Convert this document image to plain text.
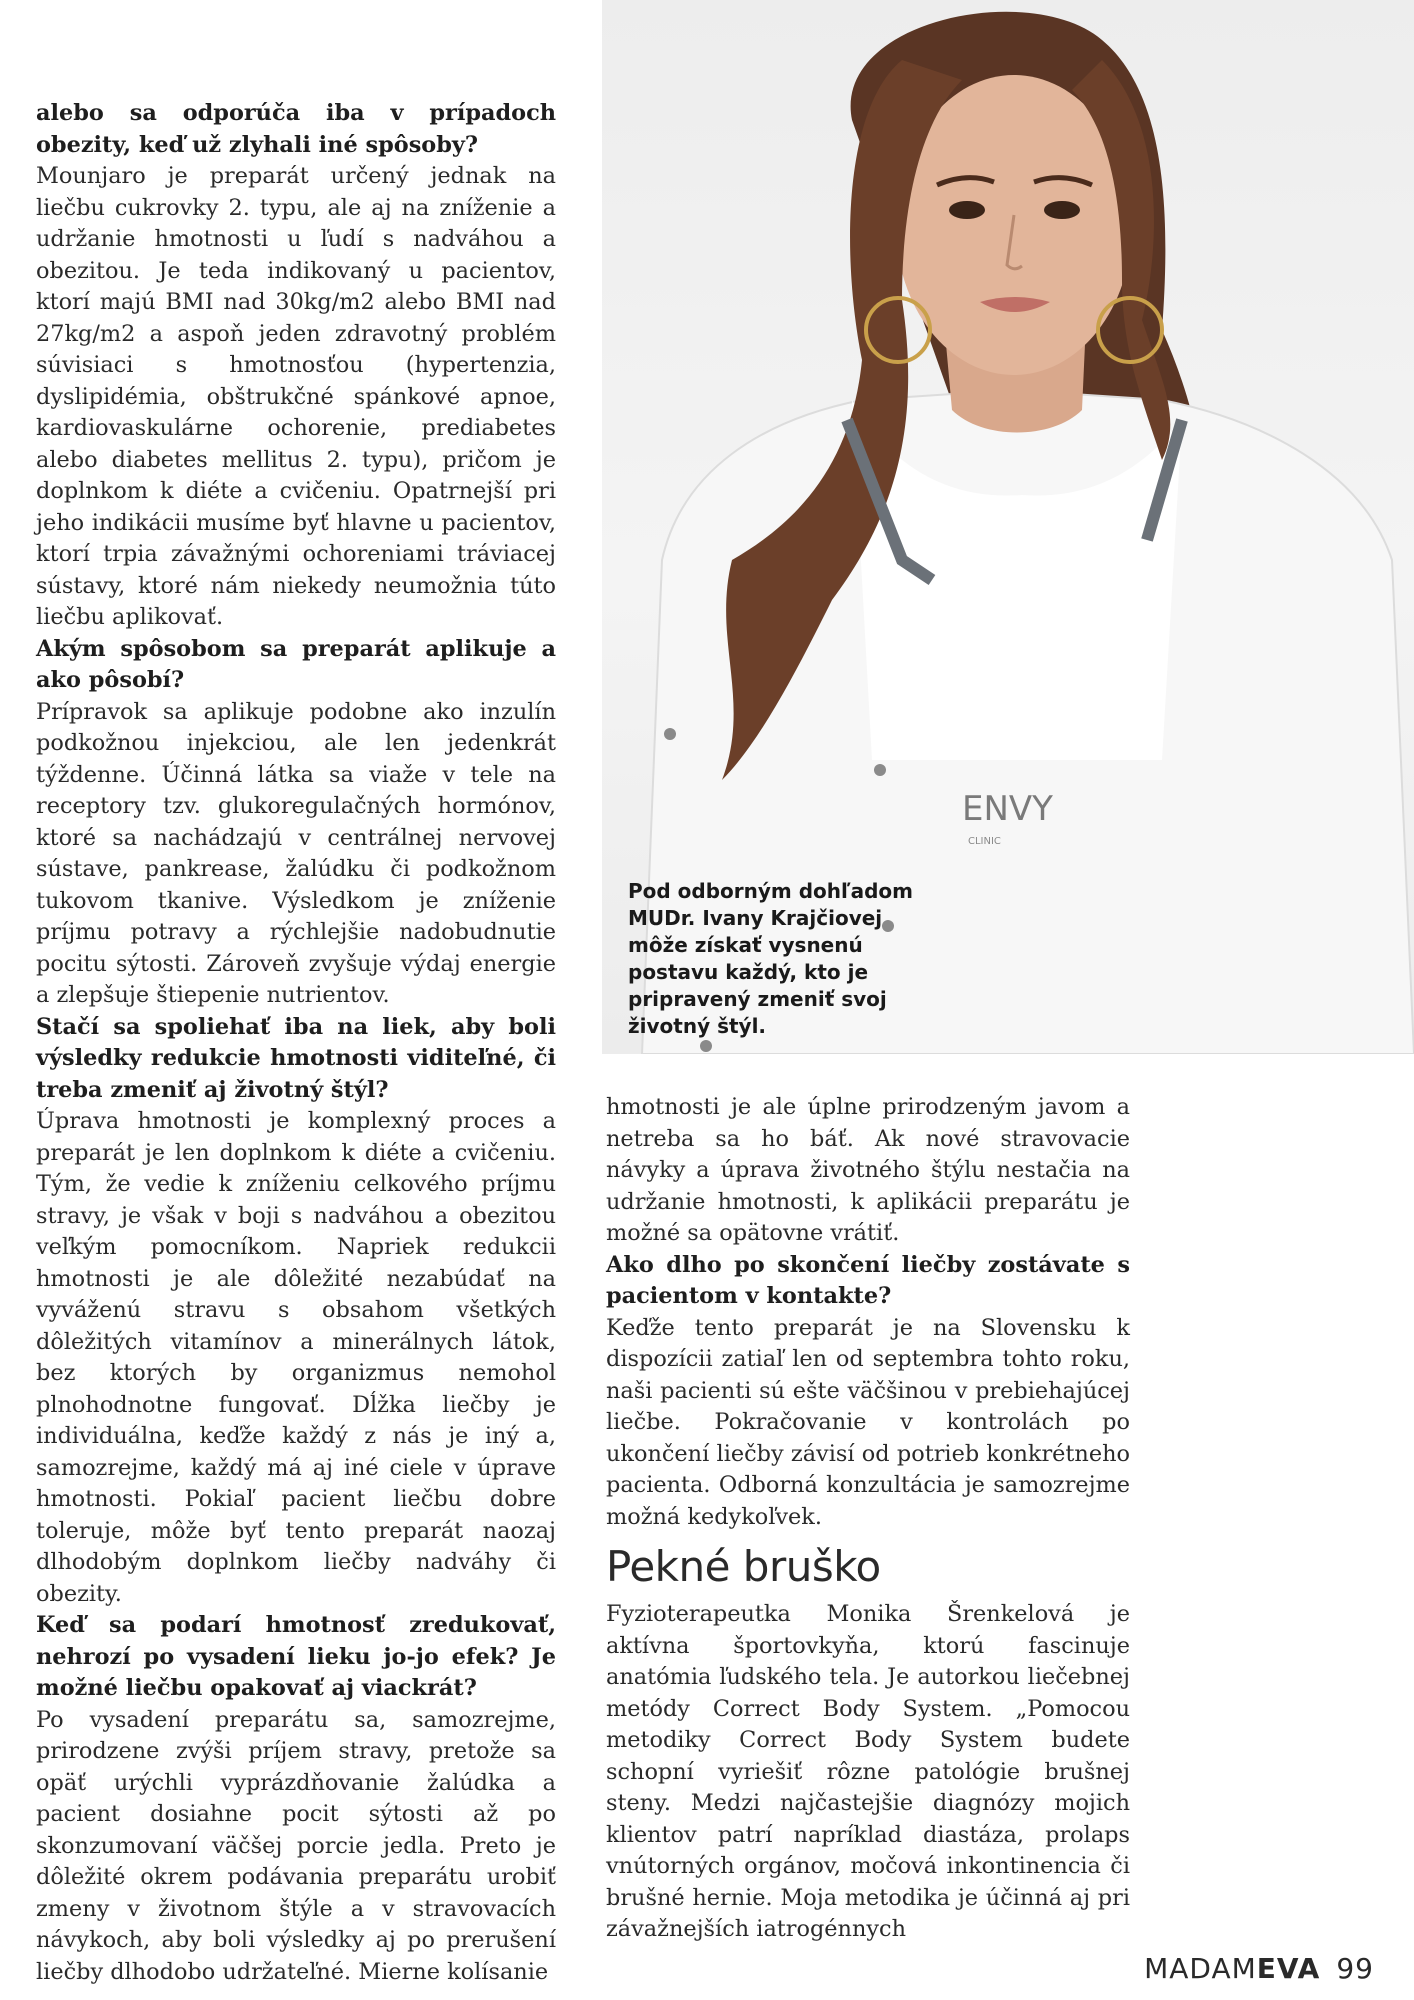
alebo sa odporúča iba v prípadoch obezity, keď už zlyhali iné spôsoby?

Mounjaro je preparát určený jednak na liečbu cukrovky 2. typu, ale aj na zníženie a udržanie hmotnosti u ľudí s nadváhou a obezitou. Je teda indikovaný u pacientov, ktorí majú BMI nad 30kg/m2 alebo BMI nad 27kg/m2 a aspoň jeden zdravotný problém súvisiaci s hmotnosťou (hypertenzia, dyslipidémia, obštrukčné spánkové apnoe, kardiovaskulárne ochorenie, prediabetes alebo diabetes mellitus 2. typu), pričom je doplnkom k diéte a cvičeniu. Opatrnejší pri jeho indikácii musíme byť hlavne u pacientov, ktorí trpia závažnými ochoreniami tráviacej sústavy, ktoré nám niekedy neumožnia túto liečbu aplikovať.

Akým spôsobom sa preparát aplikuje a ako pôsobí?

Prípravok sa aplikuje podobne ako inzulín podkožnou injekciou, ale len jedenkrát týždenne. Účinná látka sa viaže v tele na receptory tzv. glukoregulačných hormónov, ktoré sa nachádzajú v centrálnej nervovej sústave, pankrease, žalúdku či podkožnom tukovom tkanive. Výsledkom je zníženie príjmu potravy a rýchlejšie nadobudnutie pocitu sýtosti. Zároveň zvyšuje výdaj energie a zlepšuje štiepenie nutrientov.

Stačí sa spoliehať iba na liek, aby boli výsledky redukcie hmotnosti viditeľné, či treba zmeniť aj životný štýl?

Úprava hmotnosti je komplexný proces a preparát je len doplnkom k diéte a cvičeniu. Tým, že vedie k zníženiu celkového príjmu stravy, je však v boji s nadváhou a obezitou veľkým pomocníkom. Napriek redukcii hmotnosti je ale dôležité nezabúdať na vyváženú stravu s obsahom všetkých dôležitých vitamínov a minerálnych látok, bez ktorých by organizmus nemohol plnohodnotne fungovať. Dĺžka liečby je individuálna, keďže každý z nás je iný a, samozrejme, každý má aj iné ciele v úprave hmotnosti. Pokiaľ pacient liečbu dobre toleruje, môže byť tento preparát naozaj dlhodobým doplnkom liečby nadváhy či obezity.

Keď sa podarí hmotnosť zredukovať, nehrozí po vysadení lieku jo-jo efek? Je možné liečbu opakovať aj viackrát?

Po vysadení preparátu sa, samozrejme, prirodzene zvýši príjem stravy, pretože sa opäť urýchli vyprázdňovanie žalúdka a pacient dosiahne pocit sýtosti až po skonzumovaní väčšej porcie jedla. Preto je dôležité okrem podávania preparátu urobiť zmeny v životnom štýle a v stravovacích návykoch, aby boli výsledky aj po prerušení liečby dlhodobo udržateľné. Mierne kolísanie

ENVY
CLINIC
Pod odborným dohľadom MUDr. Ivany Krajčiovej môže získať vysnenú postavu každý, kto je pripravený zmeniť svoj životný štýl.

hmotnosti je ale úplne prirodzeným javom a netreba sa ho báť. Ak nové stravovacie návyky a úprava životného štýlu nestačia na udržanie hmotnosti, k aplikácii preparátu je možné sa opätovne vrátiť.

Ako dlho po skončení liečby zostávate s pacientom v kontakte?

Keďže tento preparát je na Slovensku k dispozícii zatiaľ len od septembra tohto roku, naši pacienti sú ešte väčšinou v prebiehajúcej liečbe. Pokračovanie v kontrolách po ukončení liečby závisí od potrieb konkrétneho pacienta. Odborná konzultácia je samozrejme možná kedykoľvek.

Pekné bruško

Fyzioterapeutka Monika Šrenkelová je aktívna športovkyňa, ktorú fascinuje anatómia ľudského tela. Je autorkou liečebnej metódy Correct Body System. „Pomocou metodiky Correct Body System budete schopní vyriešiť rôzne patológie brušnej steny. Medzi najčastejšie diagnózy mojich klientov patrí napríklad diastáza, prolaps vnútorných orgánov, močová inkontinencia či brušné hernie. Moja metodika je účinná aj pri závažnejších iatrogénnych

MADAMEVA 99
